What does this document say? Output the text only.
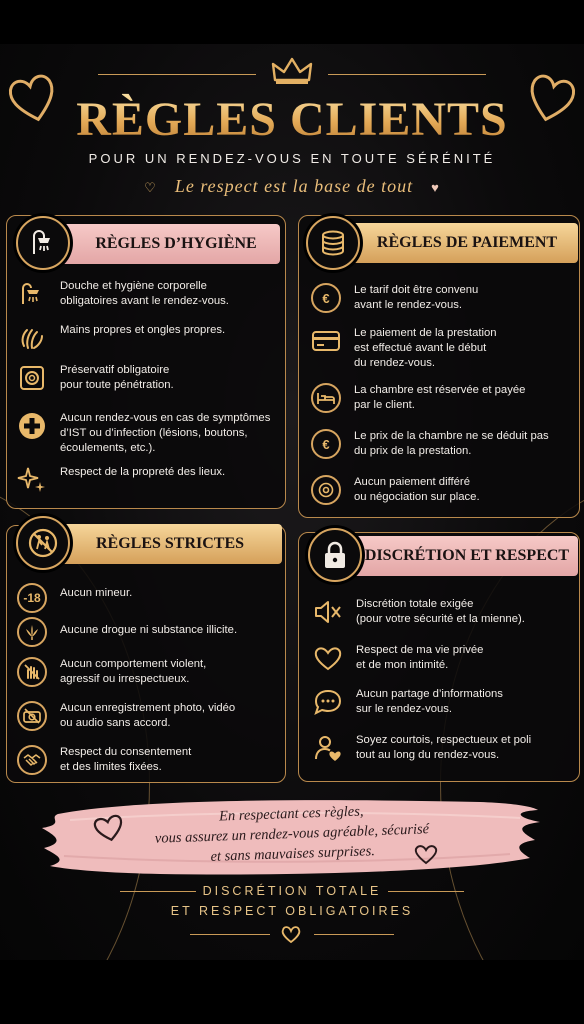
RÈGLES CLIENTS
POUR UN RENDEZ-VOUS EN TOUTE SÉRÉNITÉ
♡ Le respect est la base de tout ♥
RÈGLES D’HYGIÈNE
Douche et hygiène corporelle
obligatoires avant le rendez-vous.
Mains propres et ongles propres.
Préservatif obligatoire
pour toute pénétration.
Aucun rendez-vous en cas de symptômes
d’IST ou d’infection (lésions, boutons,
écoulements, etc.).
Respect de la propreté des lieux.
RÈGLES DE PAIEMENT
€
Le tarif doit être convenu
avant le rendez-vous.
Le paiement de la prestation
est effectué avant le début
du rendez-vous.
La chambre est réservée et payée
par le client.
€
Le prix de la chambre ne se déduit pas
du prix de la prestation.
Aucun paiement différé
ou négociation sur place.
RÈGLES STRICTES
-18 Aucun mineur.
Aucune drogue ni substance illicite.
Aucun comportement violent,
agressif ou irrespectueux.
Aucun enregistrement photo, vidéo
ou audio sans accord.
Respect du consentement
et des limites fixées.
DISCRÉTION ET RESPECT
Discrétion totale exigée
(pour votre sécurité et la mienne).
Respect de ma vie privée
et de mon intimité.
Aucun partage d’informations
sur le rendez-vous.
Soyez courtois, respectueux et poli
tout au long du rendez-vous.
En respectant ces règles,
vous assurez un rendez-vous agréable, sécurisé
et sans mauvaises surprises.
DISCRÉTION TOTALE
ET RESPECT OBLIGATOIRES
